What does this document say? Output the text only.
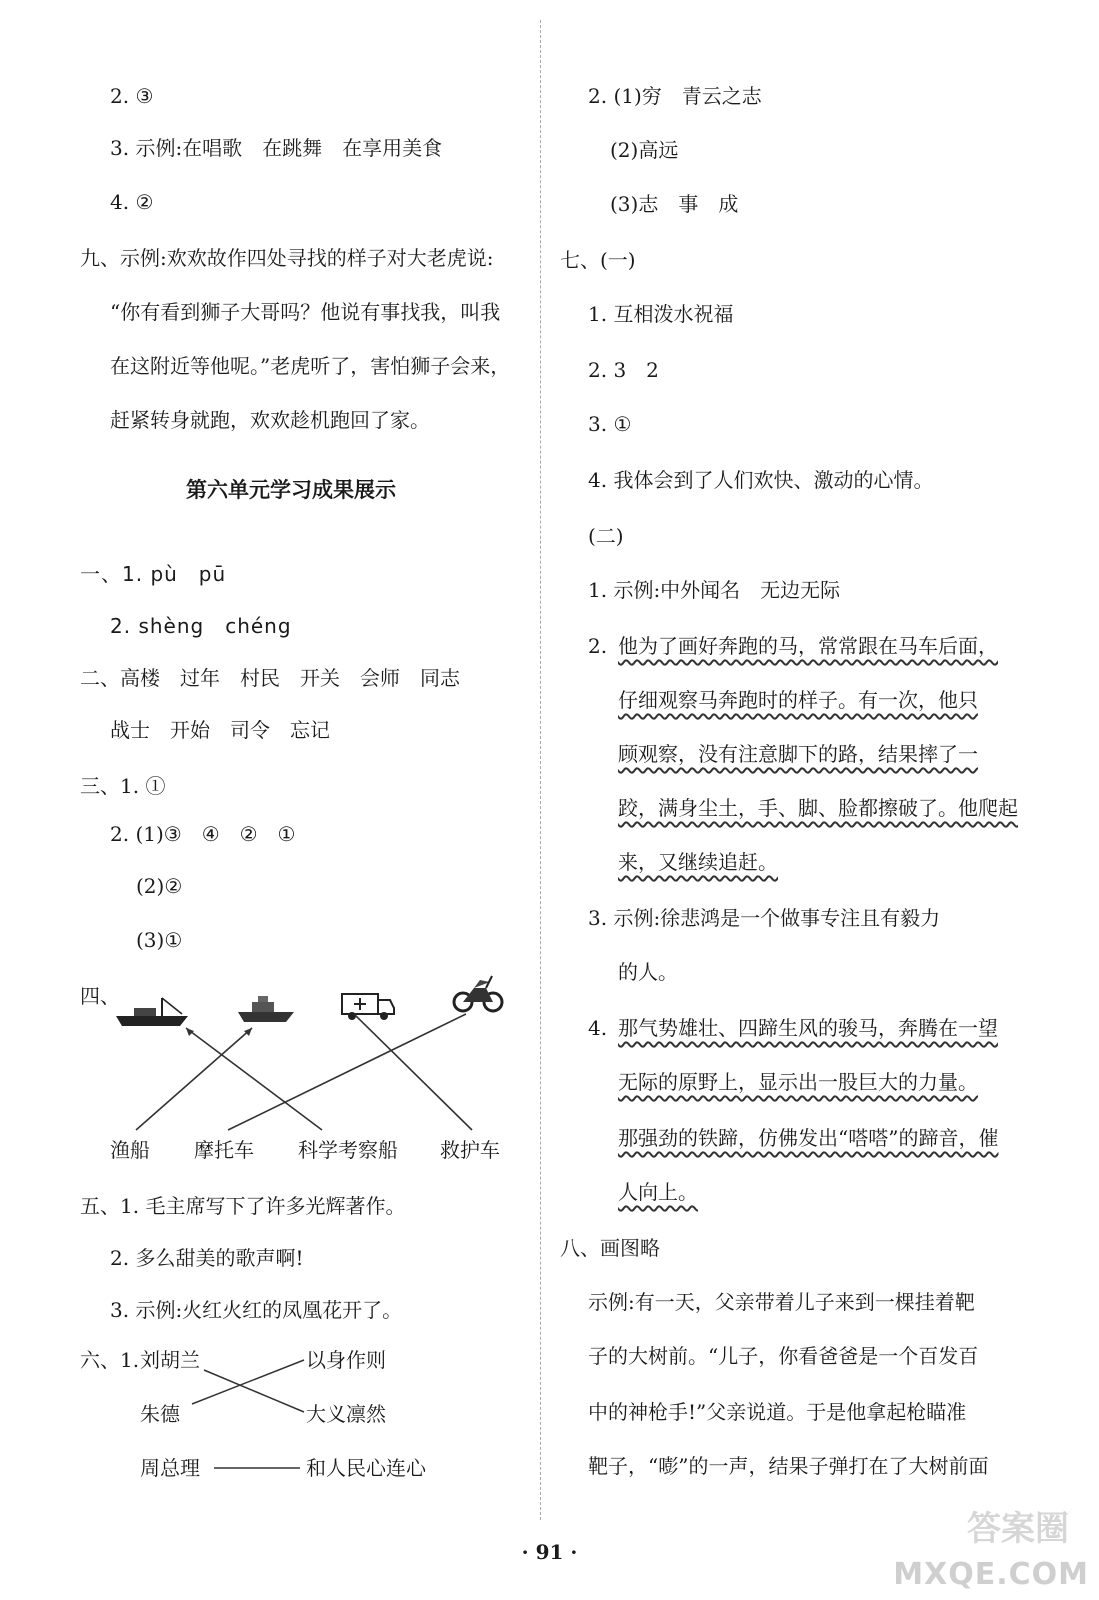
2. ③
3. 示例:在唱歌　在跳舞　在享用美食
4. ②
九、示例:欢欢故作四处寻找的样子对大老虎说:
“你有看到狮子大哥吗？他说有事找我，叫我
在这附近等他呢。”老虎听了，害怕狮子会来，
赶紧转身就跑，欢欢趁机跑回了家。
第六单元学习成果展示
一、1. pù　pū
2. shèng　chéng
二、高楼　过年　村民　开关　会师　同志
战士　开始　司令　忘记
三、1. ①
2. (1)③　④　②　①
(2)②
(3)①
四、
渔船 摩托车 科学考察船 救护车
五、1. 毛主席写下了许多光辉著作。
2. 多么甜美的歌声啊!
3. 示例:火红火红的凤凰花开了。
六、1. 刘胡兰
朱德
周总理
以身作则
大义凛然
和人民心连心
2. (1)穷　青云之志
(2)高远
(3)志　事　成
七、(一)
1. 互相泼水祝福
2. 3　2
3. ①
4. 我体会到了人们欢快、激动的心情。
(二)
1. 示例:中外闻名　无边无际
2. 他为了画好奔跑的马，常常跟在马车后面，
仔细观察马奔跑时的样子。有一次，他只
顾观察，没有注意脚下的路，结果摔了一
跤，满身尘土，手、脚、脸都擦破了。他爬起
来，又继续追赶。
3. 示例:徐悲鸿是一个做事专注且有毅力
的人。
4. 那气势雄壮、四蹄生风的骏马，奔腾在一望
无际的原野上，显示出一股巨大的力量。
那强劲的铁蹄，仿佛发出“嗒嗒”的蹄音，催
人向上。
八、画图略
示例:有一天，父亲带着儿子来到一棵挂着靶
子的大树前。“儿子，你看爸爸是一个百发百
中的神枪手!”父亲说道。于是他拿起枪瞄准
靶子，“嘭”的一声，结果子弹打在了大树前面
· 91 ·
答案圈
MXQE.COM
